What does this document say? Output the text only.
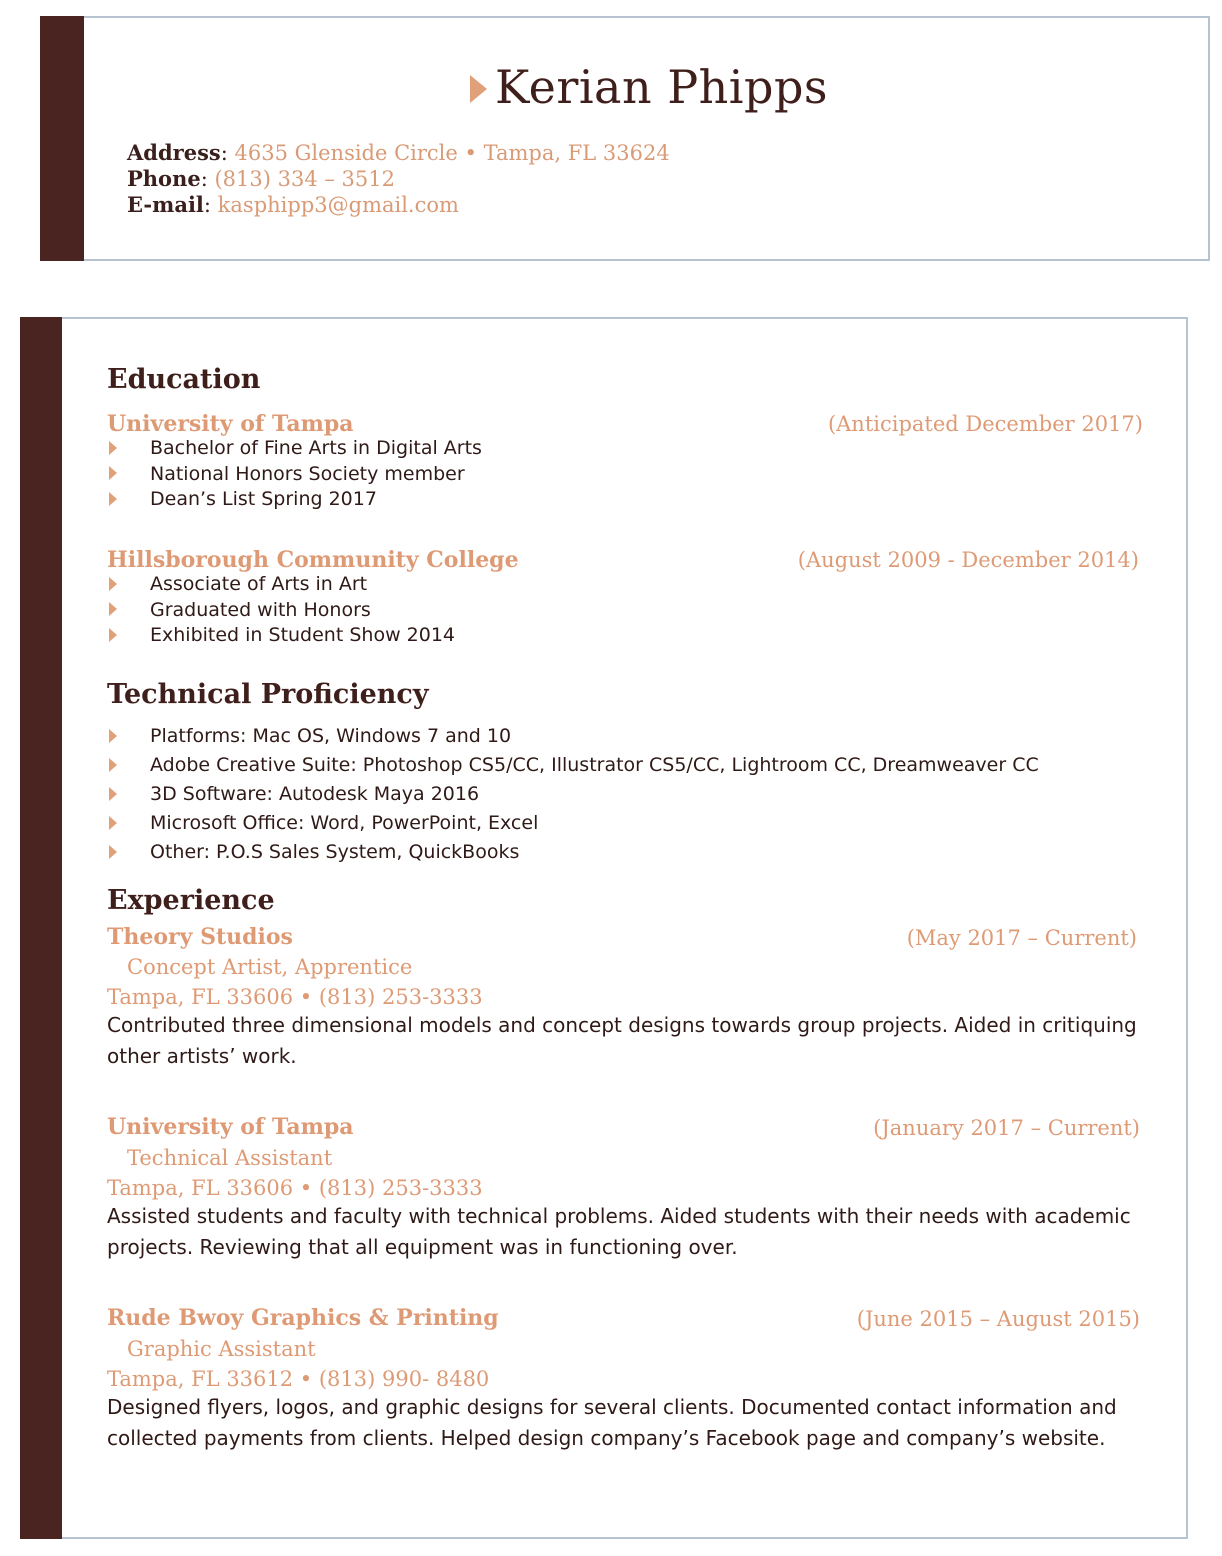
Kerian Phipps
Address: 4635 Glenside Circle • Tampa, FL 33624
Phone: (813) 334 – 3512
E-mail: kasphipp3@gmail.com
Education
University of Tampa	(Anticipated December 2017)
Bachelor of Fine Arts in Digital Arts
National Honors Society member
Dean’s List Spring 2017
Hillsborough Community College	(August 2009 - December 2014)
Associate of Arts in Art
Graduated with Honors
Exhibited in Student Show 2014
Technical Proficiency
Platforms: Mac OS, Windows 7 and 10
Adobe Creative Suite: Photoshop CS5/CC, Illustrator CS5/CC, Lightroom CC, Dreamweaver CC
3D Software: Autodesk Maya 2016
Microsoft Office: Word, PowerPoint, Excel
Other: P.O.S Sales System, QuickBooks
Experience
Theory Studios	(May 2017 – Current)
Concept Artist, Apprentice
Tampa, FL 33606 • (813) 253-3333
Contributed three dimensional models and concept designs towards group projects. Aided in critiquing other artists’ work.
University of Tampa	(January 2017 – Current)
Technical Assistant
Tampa, FL 33606 • (813) 253-3333
Assisted students and faculty with technical problems. Aided students with their needs with academic projects. Reviewing that all equipment was in functioning over.
Rude Bwoy Graphics & Printing	(June 2015 – August 2015)
Graphic Assistant
Tampa, FL 33612 • (813) 990- 8480
Designed flyers, logos, and graphic designs for several clients. Documented contact information and collected payments from clients. Helped design company’s Facebook page and company’s website.
